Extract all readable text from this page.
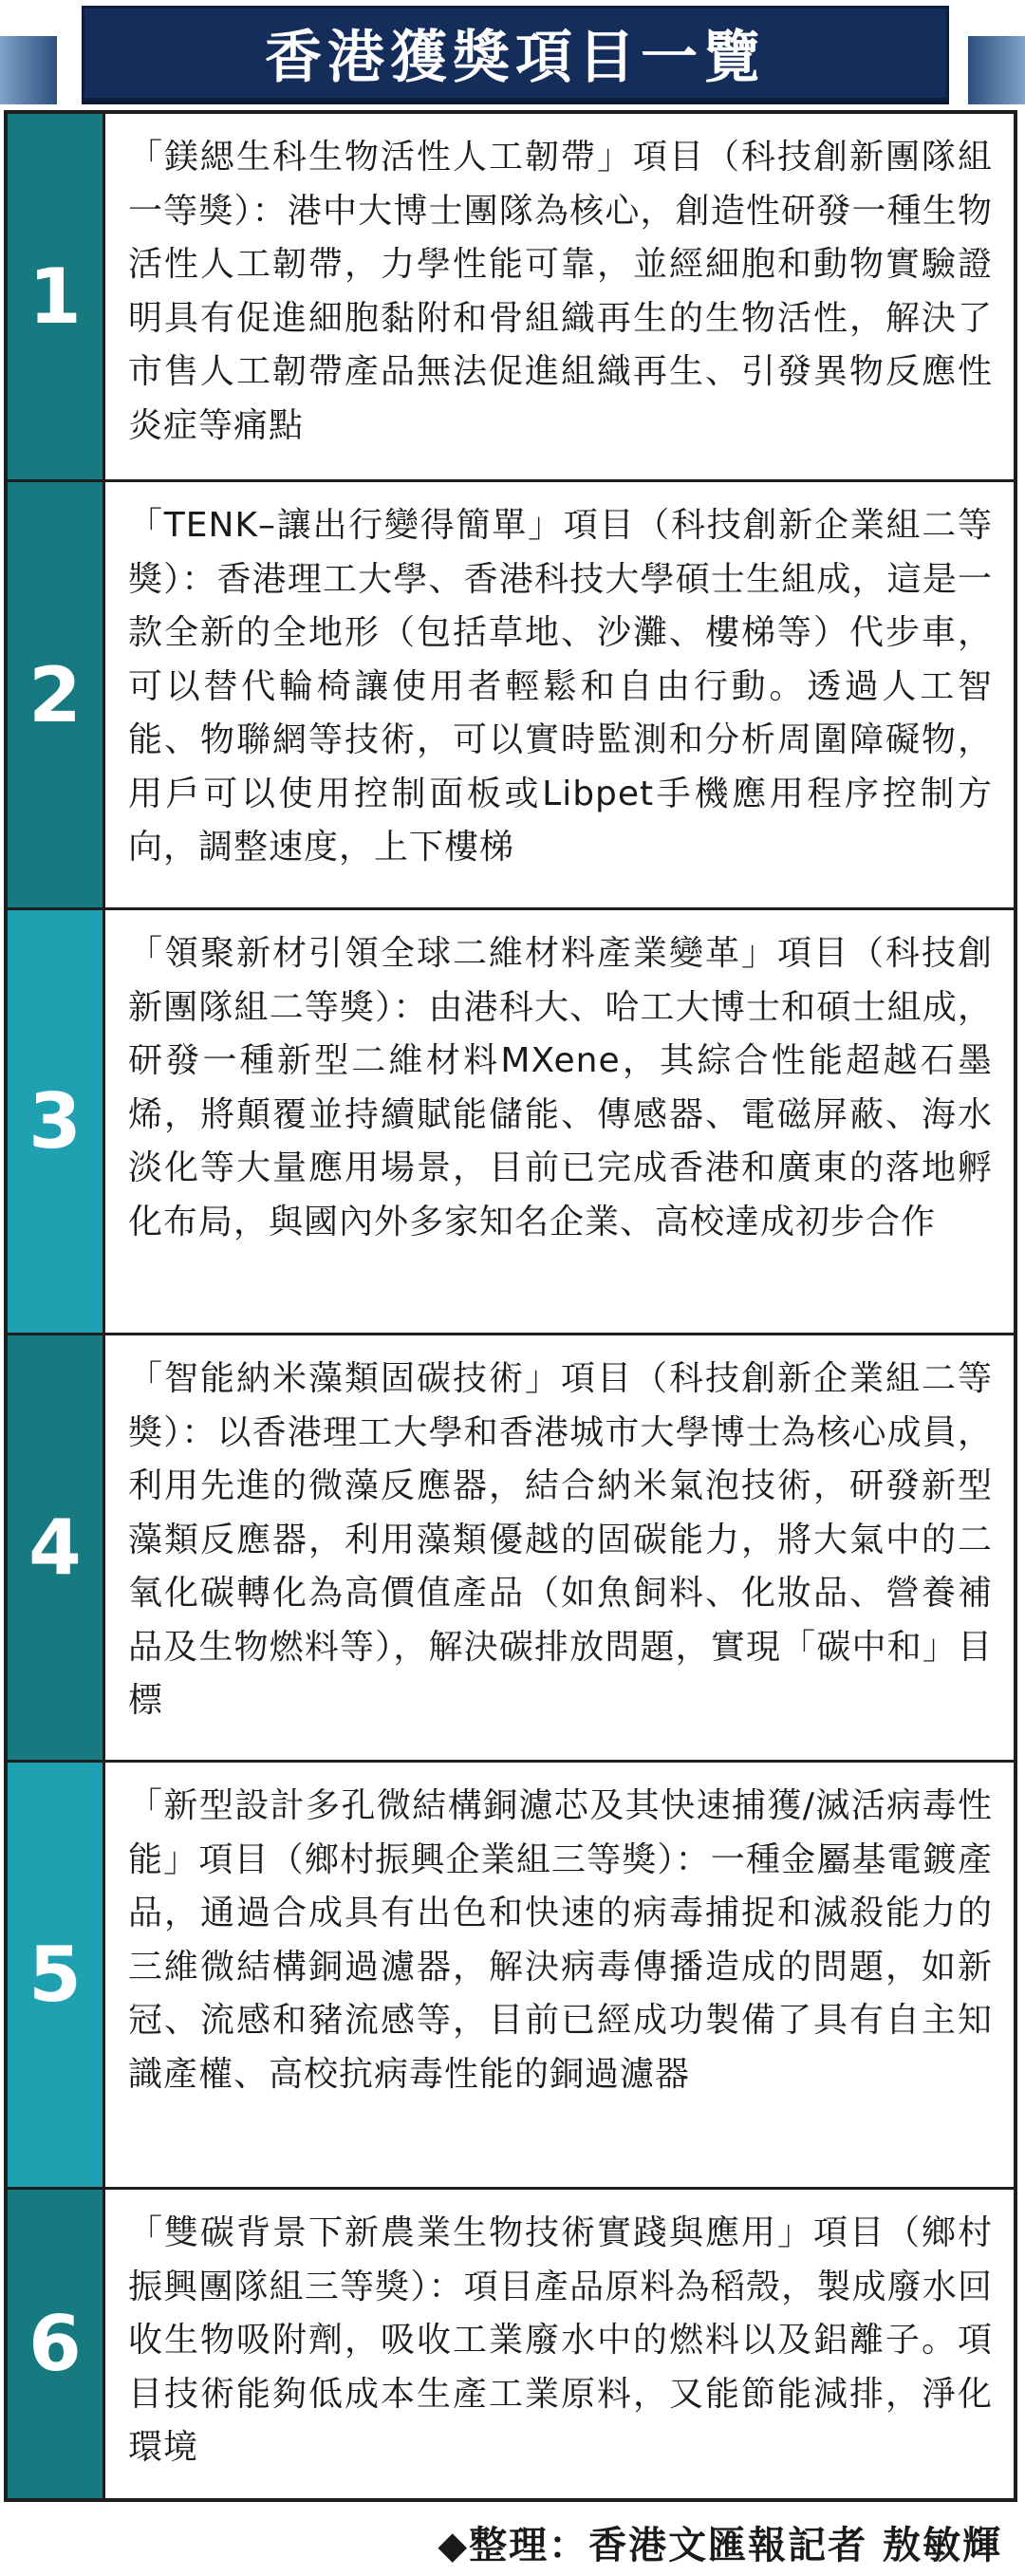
香港獲獎項目一覽
1
「鎂緦生科生物活性人工韌帶」項目（科技創新團隊組一等獎）：港中大博士團隊為核心，創造性研發一種生物活性人工韌帶，力學性能可靠，並經細胞和動物實驗證明具有促進細胞黏附和骨組織再生的生物活性，解決了市售人工韌帶產品無法促進組織再生、引發異物反應性炎症等痛點
2
「TENK–讓出行變得簡單」項目（科技創新企業組二等獎）：香港理工大學、香港科技大學碩士生組成，這是一款全新的全地形（包括草地、沙灘、樓梯等）代步車，可以替代輪椅讓使用者輕鬆和自由行動。透過人工智能、物聯網等技術，可以實時監測和分析周圍障礙物，用戶可以使用控制面板或Libpet手機應用程序控制方向，調整速度，上下樓梯
3
「領聚新材引領全球二維材料產業變革」項目（科技創新團隊組二等獎）：由港科大、哈工大博士和碩士組成，研發一種新型二維材料MXene，其綜合性能超越石墨烯，將顛覆並持續賦能儲能、傳感器、電磁屏蔽、海水淡化等大量應用場景，目前已完成香港和廣東的落地孵化布局，與國內外多家知名企業、高校達成初步合作
4
「智能納米藻類固碳技術」項目（科技創新企業組二等獎）：以香港理工大學和香港城市大學博士為核心成員，利用先進的微藻反應器，結合納米氣泡技術，研發新型藻類反應器，利用藻類優越的固碳能力，將大氣中的二氧化碳轉化為高價值產品（如魚飼料、化妝品、營養補品及生物燃料等），解決碳排放問題，實現「碳中和」目標
5
「新型設計多孔微結構銅濾芯及其快速捕獲/滅活病毒性能」項目（鄉村振興企業組三等獎）：一種金屬基電鍍產品，通過合成具有出色和快速的病毒捕捉和滅殺能力的三維微結構銅過濾器，解決病毒傳播造成的問題，如新冠、流感和豬流感等，目前已經成功製備了具有自主知識產權、高校抗病毒性能的銅過濾器
6
「雙碳背景下新農業生物技術實踐與應用」項目（鄉村振興團隊組三等獎）：項目產品原料為稻殼，製成廢水回收生物吸附劑，吸收工業廢水中的燃料以及鋁離子。項目技術能夠低成本生產工業原料，又能節能減排，淨化環境
◆整理：香港文匯報記者 敖敏輝
